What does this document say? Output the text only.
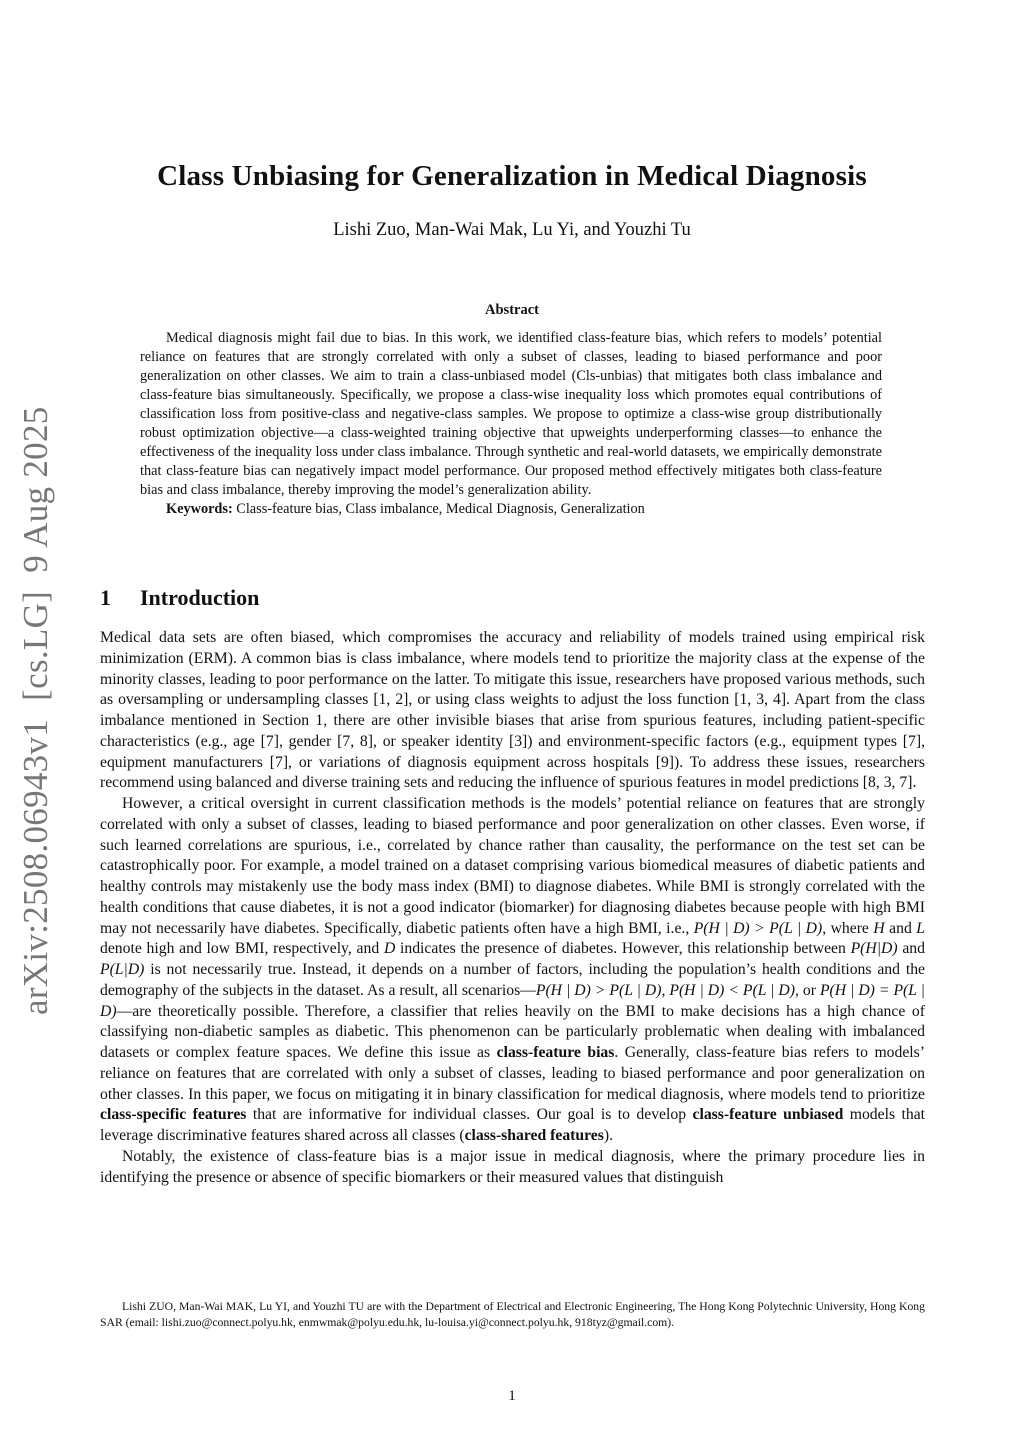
arXiv:2508.06943v1  [cs.LG]  9 Aug 2025
Class Unbiasing for Generalization in Medical Diagnosis
Lishi Zuo, Man-Wai Mak, Lu Yi, and Youzhi Tu
Abstract

Medical diagnosis might fail due to bias. In this work, we identified class-feature bias, which refers to models’ potential reliance on features that are strongly correlated with only a subset of classes, leading to biased performance and poor generalization on other classes. We aim to train a class-unbiased model (Cls-unbias) that mitigates both class imbalance and class-feature bias simultaneously. Specifically, we propose a class-wise inequality loss which promotes equal contributions of classification loss from positive-class and negative-class samples. We propose to optimize a class-wise group distributionally robust optimization objective—a class-weighted training objective that upweights underperforming classes—to enhance the effectiveness of the inequality loss under class imbalance. Through synthetic and real-world datasets, we empirically demonstrate that class-feature bias can negatively impact model performance. Our proposed method effectively mitigates both class-feature bias and class imbalance, thereby improving the model’s generalization ability.

Keywords: Class-feature bias, Class imbalance, Medical Diagnosis, Generalization

1 Introduction

Medical data sets are often biased, which compromises the accuracy and reliability of models trained using empirical risk minimization (ERM). A common bias is class imbalance, where models tend to prioritize the majority class at the expense of the minority classes, leading to poor performance on the latter. To mitigate this issue, researchers have proposed various methods, such as oversampling or undersampling classes [1, 2], or using class weights to adjust the loss function [1, 3, 4]. Apart from the class imbalance mentioned in Section 1, there are other invisible biases that arise from spurious features, including patient-specific characteristics (e.g., age [7], gender [7, 8], or speaker identity [3]) and environment-specific factors (e.g., equipment types [7], equipment manufacturers [7], or variations of diagnosis equipment across hospitals [9]). To address these issues, researchers recommend using balanced and diverse training sets and reducing the influence of spurious features in model predictions [8, 3, 7].

However, a critical oversight in current classification methods is the models’ potential reliance on features that are strongly correlated with only a subset of classes, leading to biased performance and poor generalization on other classes. Even worse, if such learned correlations are spurious, i.e., correlated by chance rather than causality, the performance on the test set can be catastrophically poor. For example, a model trained on a dataset comprising various biomedical measures of diabetic patients and healthy controls may mistakenly use the body mass index (BMI) to diagnose diabetes. While BMI is strongly correlated with the health conditions that cause diabetes, it is not a good indicator (biomarker) for diagnosing diabetes because people with high BMI may not necessarily have diabetes. Specifically, diabetic patients often have a high BMI, i.e., P(H | D) > P(L | D), where H and L denote high and low BMI, respectively, and D indicates the presence of diabetes. However, this relationship between P(H|D) and P(L|D) is not necessarily true. Instead, it depends on a number of factors, including the population’s health conditions and the demography of the subjects in the dataset. As a result, all scenarios—P(H | D) > P(L | D), P(H | D) < P(L | D), or P(H | D) = P(L | D)—are theoretically possible. Therefore, a classifier that relies heavily on the BMI to make decisions has a high chance of classifying non-diabetic samples as diabetic. This phenomenon can be particularly problematic when dealing with imbalanced datasets or complex feature spaces. We define this issue as class-feature bias. Generally, class-feature bias refers to models’ reliance on features that are correlated with only a subset of classes, leading to biased performance and poor generalization on other classes. In this paper, we focus on mitigating it in binary classification for medical diagnosis, where models tend to prioritize class-specific features that are informative for individual classes. Our goal is to develop class-feature unbiased models that leverage discriminative features shared across all classes (class-shared features).

Notably, the existence of class-feature bias is a major issue in medical diagnosis, where the primary procedure lies in identifying the presence or absence of specific biomarkers or their measured values that distinguish

Lishi ZUO, Man-Wai MAK, Lu YI, and Youzhi TU are with the Department of Electrical and Electronic Engineering, The Hong Kong Polytechnic University, Hong Kong SAR (email: lishi.zuo@connect.polyu.hk, enmwmak@polyu.edu.hk, lu-louisa.yi@connect.polyu.hk, 918tyz@gmail.com).

1
